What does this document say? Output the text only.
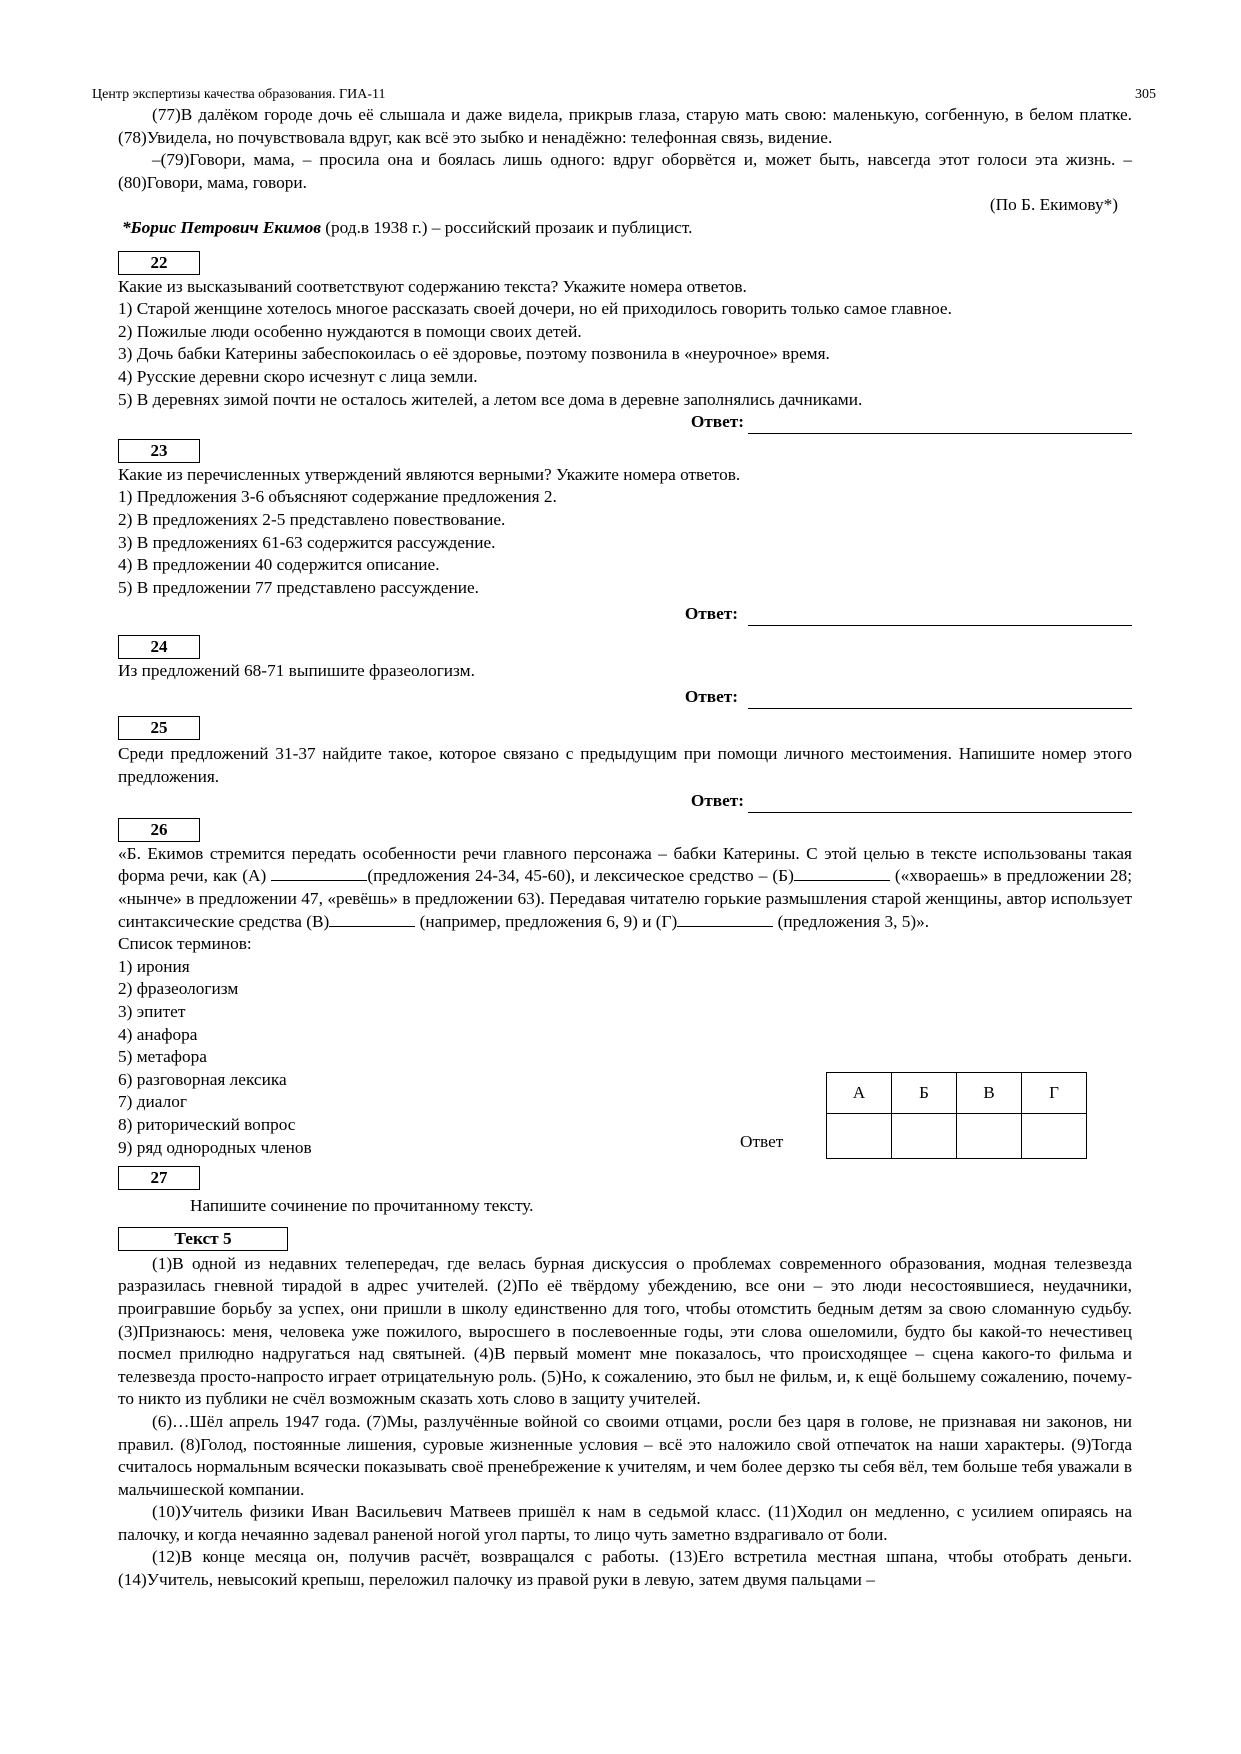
Центр экспертизы качества образования. ГИА-11	305

(77)В далёком городе дочь её слышала и даже видела, прикрыв глаза, старую мать свою: маленькую, согбенную, в белом платке. (78)Увидела, но почувствовала вдруг, как всё это зыбко и ненадёжно: телефонная связь, видение.

–(79)Говори, мама, – просила она и боялась лишь одного: вдруг оборвётся и, может быть, навсегда этот голоси эта жизнь. – (80)Говори, мама, говори.

(По Б. Екимову*)

*Борис Петрович Екимов (род.в 1938 г.) – российский прозаик и публицист.

22

Какие из высказываний соответствуют содержанию текста? Укажите номера ответов.

1) Старой женщине хотелось многое рассказать своей дочери, но ей приходилось говорить только самое главное.

2) Пожилые люди особенно нуждаются в помощи своих детей.

3) Дочь бабки Катерины забеспокоилась о её здоровье, поэтому позвонила в «неурочное» время.

4) Русские деревни скоро исчезнут с лица земли.

5) В деревнях зимой почти не осталось жителей, а летом все дома в деревне заполнялись дачниками.

Ответ:
23

Какие из перечисленных утверждений являются верными? Укажите номера ответов.

1) Предложения 3-6 объясняют содержание предложения 2.

2) В предложениях 2-5 представлено повествование.

3) В предложениях 61-63 содержится рассуждение.

4) В предложении 40 содержится описание.

5) В предложении 77 представлено рассуждение.

Ответ:
24

Из предложений 68-71 выпишите фразеологизм.

Ответ:
25

Среди предложений 31-37 найдите такое, которое связано с предыдущим при помощи личного местоимения. Напишите номер этого предложения.

Ответ:
26

«Б. Екимов стремится передать особенности речи главного персонажа – бабки Катерины. С этой целью в тексте использованы такая форма речи, как (А)	(предложения 24-34, 45-60), и лексическое средство – (Б)	(«хвораешь» в предложении 28; «нынче» в предложении 47, «ревёшь» в предложении 63). Передавая читателю горькие размышления старой женщины, автор использует синтаксические средства (В)	(например, предложения 6, 9) и (Г)	(предложения 3, 5)».

Список терминов:

1) ирония

2) фразеологизм

3) эпитет

4) анафора

5) метафора

6) разговорная лексика

7) диалог

8) риторический вопрос

9) ряд однородных членов	Ответ
А	Б	В	Г

27

Напишите сочинение по прочитанному тексту.

Текст 5

(1)В одной из недавних телепередач, где велась бурная дискуссия о проблемах современного образования, модная телезвезда разразилась гневной тирадой в адрес учителей. (2)По её твёрдому убеждению, все они – это люди несостоявшиеся, неудачники, проигравшие борьбу за успех, они пришли в школу единственно для того, чтобы отомстить бедным детям за свою сломанную судьбу. (3)Признаюсь: меня, человека уже пожилого, выросшего в послевоенные годы, эти слова ошеломили, будто бы какой-то нечестивец посмел прилюдно надругаться над святыней. (4)В первый момент мне показалось, что происходящее – сцена какого-то фильма и телезвезда просто-напросто играет отрицательную роль. (5)Но, к сожалению, это был не фильм, и, к ещё большему сожалению, почему-то никто из публики не счёл возможным сказать хоть слово в защиту учителей.

(6)…Шёл апрель 1947 года. (7)Мы, разлучённые войной со своими отцами, росли без царя в голове, не признавая ни законов, ни правил. (8)Голод, постоянные лишения, суровые жизненные условия – всё это наложило свой отпечаток на наши характеры. (9)Тогда считалось нормальным всячески показывать своё пренебрежение к учителям, и чем более дерзко ты себя вёл, тем больше тебя уважали в мальчишеской компании.

(10)Учитель физики Иван Васильевич Матвеев пришёл к нам в седьмой класс. (11)Ходил он медленно, с усилием опираясь на палочку, и когда нечаянно задевал раненой ногой угол парты, то лицо чуть заметно вздрагивало от боли.

(12)В конце месяца он, получив расчёт, возвращался с работы. (13)Его встретила местная шпана, чтобы отобрать деньги. (14)Учитель, невысокий крепыш, переложил палочку из правой руки в левую, затем двумя пальцами –
